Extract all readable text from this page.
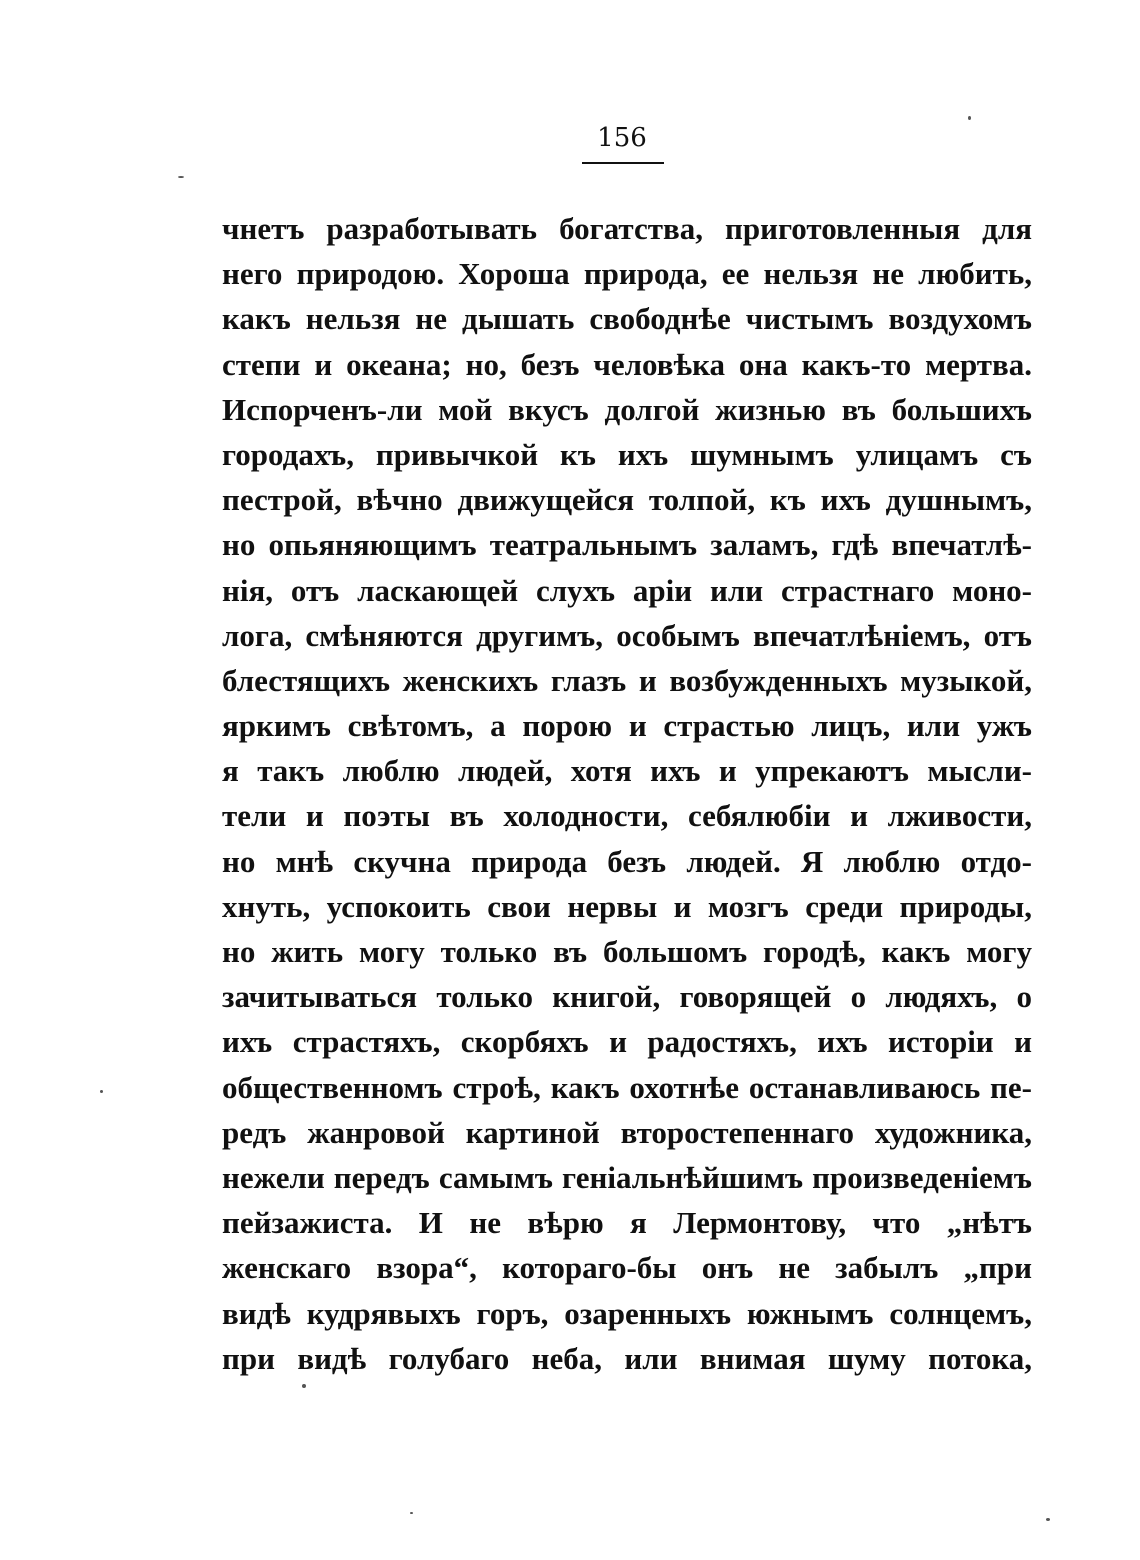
156
чнетъ разработывать богатства, приготовленныя для
него природою. Хороша природа, ее нельзя не любить,
какъ нельзя не дышать свободнѣе чистымъ воздухомъ
степи и океана; но, безъ человѣка она какъ-то мертва.
Испорченъ-ли мой вкусъ долгой жизнью въ большихъ
городахъ, привычкой къ ихъ шумнымъ улицамъ съ
пестрой, вѣчно движущейся толпой, къ ихъ душнымъ,
но опьяняющимъ театральнымъ заламъ, гдѣ впечатлѣ-
нія, отъ ласкающей слухъ аріи или страстнаго моно-
лога, смѣняются другимъ, особымъ впечатлѣніемъ, отъ
блестящихъ женскихъ глазъ и возбужденныхъ музыкой,
яркимъ свѣтомъ, а порою и страстью лицъ, или ужъ
я такъ люблю людей, хотя ихъ и упрекаютъ мысли-
тели и поэты въ холодности, себялюбіи и лживости,
но мнѣ скучна природа безъ людей. Я люблю отдо-
хнуть, успокоить свои нервы и мозгъ среди природы,
но жить могу только въ большомъ городѣ, какъ могу
зачитываться только книгой, говорящей о людяхъ, о
ихъ страстяхъ, скорбяхъ и радостяхъ, ихъ исторіи и
общественномъ строѣ, какъ охотнѣе останавливаюсь пе-
редъ жанровой картиной второстепеннаго художника,
нежели передъ самымъ геніальнѣйшимъ произведеніемъ
пейзажиста. И не вѣрю я Лермонтову, что „нѣтъ
женскаго взора“, котораго-бы онъ не забылъ „при
видѣ кудрявыхъ горъ, озаренныхъ южнымъ солнцемъ,
при видѣ голубаго неба, или внимая шуму потока,
